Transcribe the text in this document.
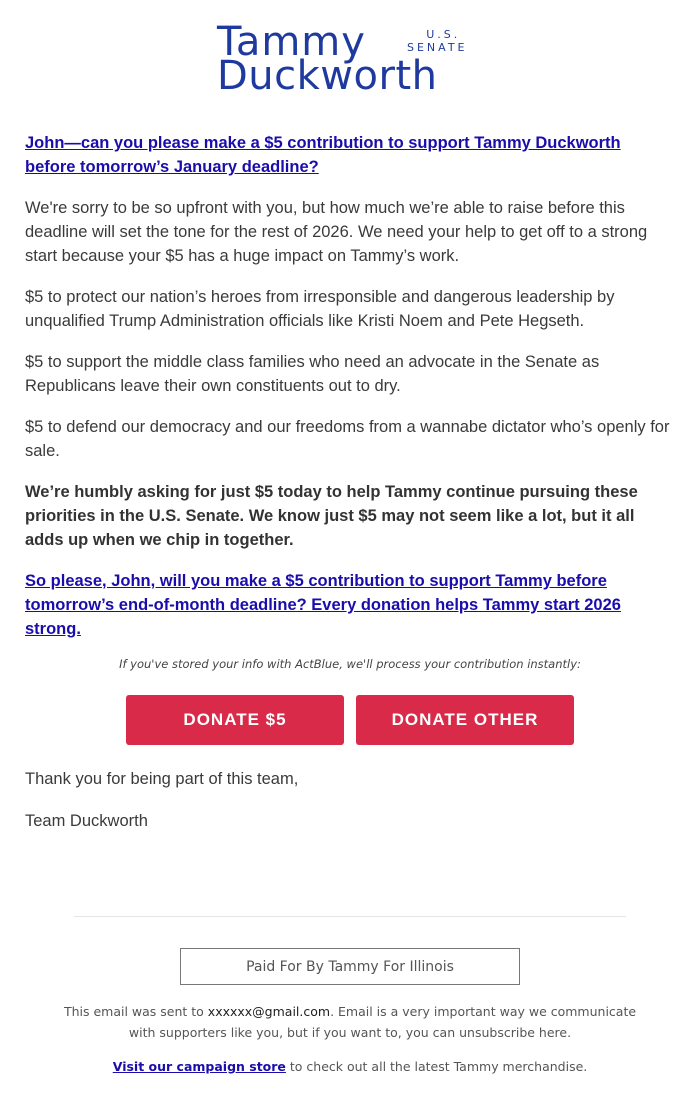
Tammy	U.S.
SENATE
Duckworth

John—can you please make a $5 contribution to support Tammy Duckworth before tomorrow’s January deadline?

We're sorry to be so upfront with you, but how much we’re able to raise before this deadline will set the tone for the rest of 2026. We need your help to get off to a strong start because your $5 has a huge impact on Tammy’s work.

$5 to protect our nation’s heroes from irresponsible and dangerous leadership by unqualified Trump Administration officials like Kristi Noem and Pete Hegseth.

$5 to support the middle class families who need an advocate in the Senate as Republicans leave their own constituents out to dry.

$5 to defend our democracy and our freedoms from a wannabe dictator who’s openly for sale.

We’re humbly asking for just $5 today to help Tammy continue pursuing these priorities in the U.S. Senate. We know just $5 may not seem like a lot, but it all adds up when we chip in together.

So please, John, will you make a $5 contribution to support Tammy before tomorrow’s end-of-month deadline? Every donation helps Tammy start 2026 strong.

If you've stored your info with ActBlue, we'll process your contribution instantly:
DONATE $5	DONATE OTHER
Thank you for being part of this team,
Team Duckworth
Paid For By Tammy For Illinois
This email was sent to xxxxxx@gmail.com. Email is a very important way we communicate with supporters like you, but if you want to, you can unsubscribe here.
Visit our campaign store to check out all the latest Tammy merchandise.
